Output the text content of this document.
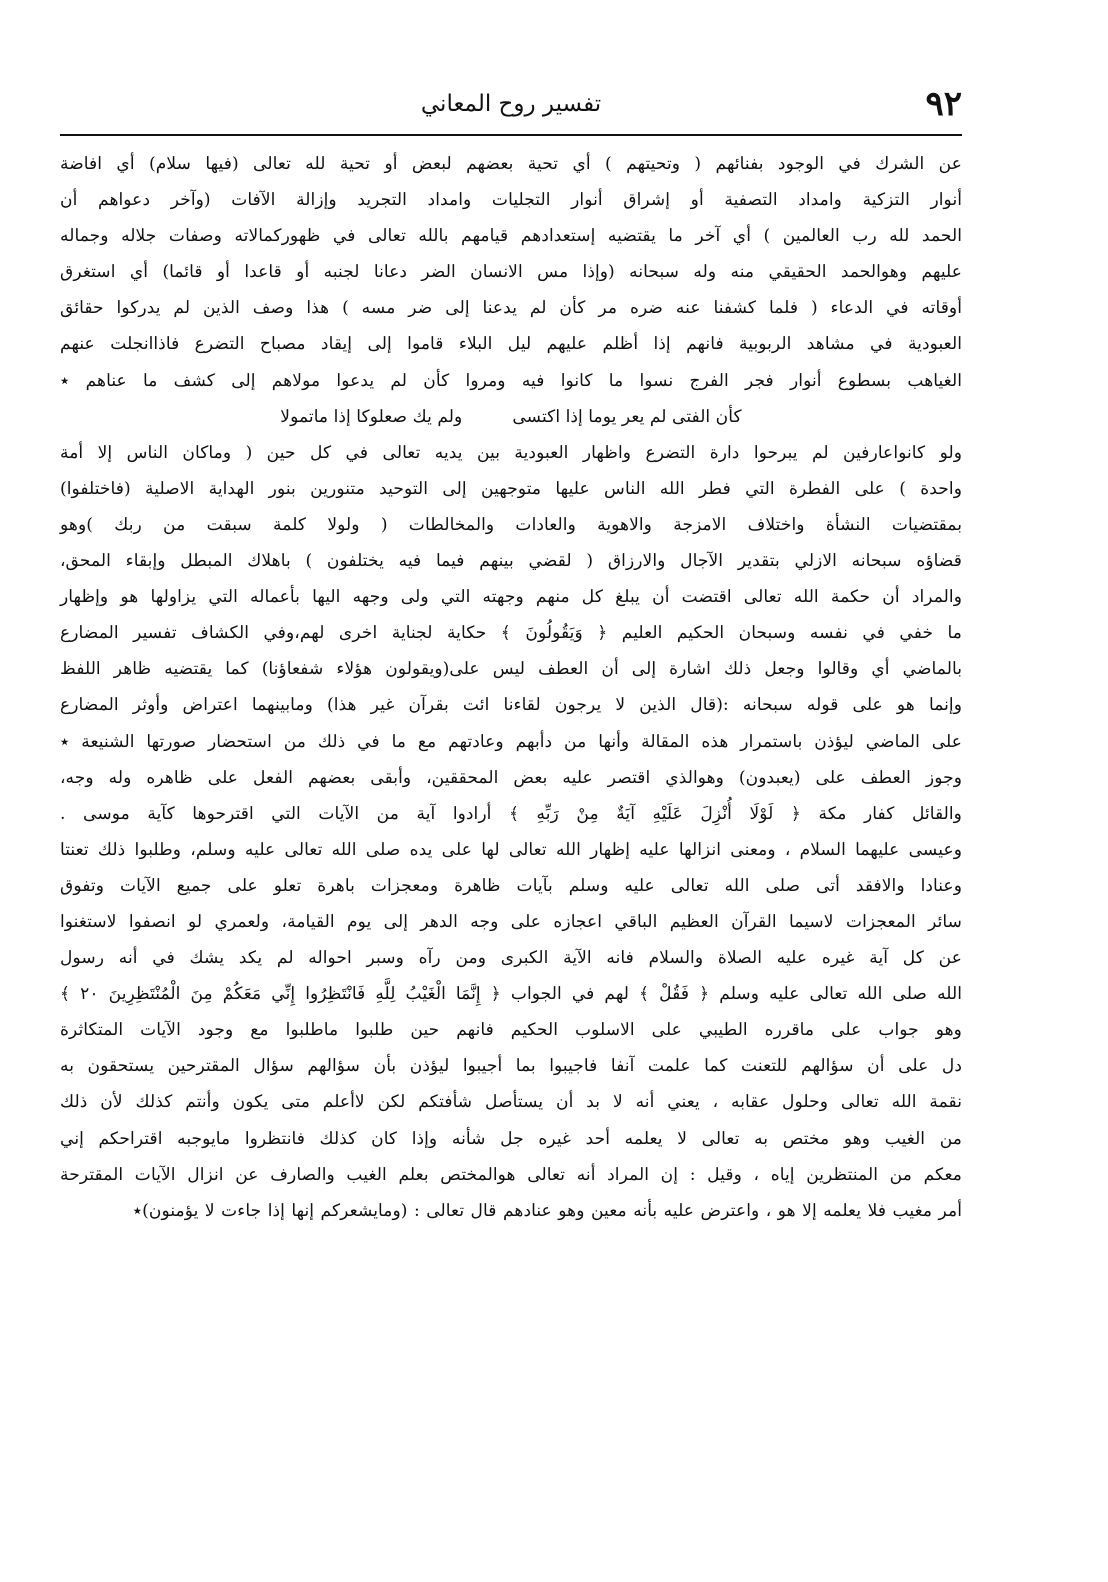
٩٢
تفسير روح المعاني

عن الشرك في الوجود بفنائهم ( وتحيتهم ) أي تحية بعضهم لبعض أو تحية لله تعالى (فيها سلام) أي افاضة

أنوار التزكية وامداد التصفية أو إشراق أنوار التجليات وامداد التجريد وإزالة الآفات (وآخر دعواهم أن

الحمد لله رب العالمين ) أي آخر ما يقتضيه إستعدادهم قيامهم بالله تعالى في ظهوركمالاته وصفات جلاله وجماله

عليهم وهوالحمد الحقيقي منه وله سبحانه (وإذا مس الانسان الضر دعانا لجنبه أو قاعدا أو قائما) أي استغرق

أوقاته في الدعاء ( فلما كشفنا عنه ضره مر كأن لم يدعنا إلى ضر مسه ) هذا وصف الذين لم يدركوا حقائق

العبودية في مشاهد الربوبية فانهم إذا أظلم عليهم ليل البلاء قاموا إلى إيقاد مصباح التضرع فاذاانجلت عنهم

الغياهب بسطوع أنوار فجر الفرج نسوا ما كانوا فيه ومروا كأن لم يدعوا مولاهم إلى كشف ما عناهم ٭

كأن الفتى لم يعر يوما إذا اكتسى
ولم يك صعلوكا إذا ماتمولا

ولو كانواعارفين لم يبرحوا دارة التضرع واظهار العبودية بين يديه تعالى في كل حين ( وماكان الناس إلا أمة

واحدة ) على الفطرة التي فطر الله الناس عليها متوجهين إلى التوحيد متنورين بنور الهداية الاصلية (فاختلفوا)

بمقتضيات النشأة واختلاف الامزجة والاهوية والعادات والمخالطات ( ولولا كلمة سبقت من ربك )وهو

قضاؤه سبحانه الازلي بتقدير الآجال والارزاق ( لقضي بينهم فيما فيه يختلفون ) باهلاك المبطل وإبقاء المحق،

والمراد أن حكمة الله تعالى اقتضت أن يبلغ كل منهم وجهته التي ولى وجهه اليها بأعماله التي يزاولها هو وإظهار

ما خفي في نفسه وسبحان الحكيم العليم ﴿ وَيَقُولُونَ ﴾ حكاية لجناية اخرى لهم،وفي الكشاف تفسير المضارع

بالماضي أي وقالوا وجعل ذلك اشارة إلى أن العطف ليس على(ويقولون هؤلاء شفعاؤنا) كما يقتضيه ظاهر اللفظ

وإنما هو على قوله سبحانه :(قال الذين لا يرجون لقاءنا ائت بقرآن غير هذا) ومابينهما اعتراض وأوثر المضارع

على الماضي ليؤذن باستمرار هذه المقالة وأنها من دأبهم وعادتهم مع ما في ذلك من استحضار صورتها الشنيعة ٭

وجوز العطف على (يعبدون) وهوالذي اقتصر عليه بعض المحققين، وأبقى بعضهم الفعل على ظاهره وله وجه،

والقائل كفار مكة ﴿ لَوْلَا أُنْزِلَ عَلَيْهِ آيَةٌ مِنْ رَبِّهِ ﴾ أرادوا آية من الآيات التي اقترحوها كآية موسى .

وعيسى عليهما السلام ، ومعنى انزالها عليه إظهار الله تعالى لها على يده صلى الله تعالى عليه وسلم، وطلبوا ذلك تعنتا

وعنادا والافقد أتى صلى الله تعالى عليه وسلم بآيات ظاهرة ومعجزات باهرة تعلو على جميع الآيات وتفوق

سائر المعجزات لاسيما القرآن العظيم الباقي اعجازه على وجه الدهر إلى يوم القيامة، ولعمري لو انصفوا لاستغنوا

عن كل آية غيره عليه الصلاة والسلام فانه الآية الكبرى ومن رآه وسبر احواله لم يكد يشك في أنه رسول

الله صلى الله تعالى عليه وسلم ﴿ فَقُلْ ﴾ لهم في الجواب ﴿ إِنَّمَا الْغَيْبُ لِلَّهِ فَانْتَظِرُوا إِنِّي مَعَكُمْ مِنَ الْمُنْتَظِرِينَ ٢٠ ﴾

وهو جواب على ماقرره الطيبي على الاسلوب الحكيم فانهم حين طلبوا ماطلبوا مع وجود الآيات المتكاثرة

دل على أن سؤالهم للتعنت كما علمت آنفا فاجيبوا بما أجيبوا ليؤذن بأن سؤالهم سؤال المقترحين يستحقون به

نقمة الله تعالى وحلول عقابه ، يعني أنه لا بد أن يستأصل شأفتكم لكن لاأعلم متى يكون وأنتم كذلك لأن ذلك

من الغيب وهو مختص به تعالى لا يعلمه أحد غيره جل شأنه وإذا كان كذلك فانتظروا مايوجبه اقتراحكم إني

معكم من المنتظرين إياه ، وقيل : إن المراد أنه تعالى هوالمختص بعلم الغيب والصارف عن انزال الآيات المقترحة

أمر مغيب فلا يعلمه إلا هو ، واعترض عليه بأنه معين وهو عنادهم قال تعالى : (ومايشعركم إنها إذا جاءت لا يؤمنون)٭
